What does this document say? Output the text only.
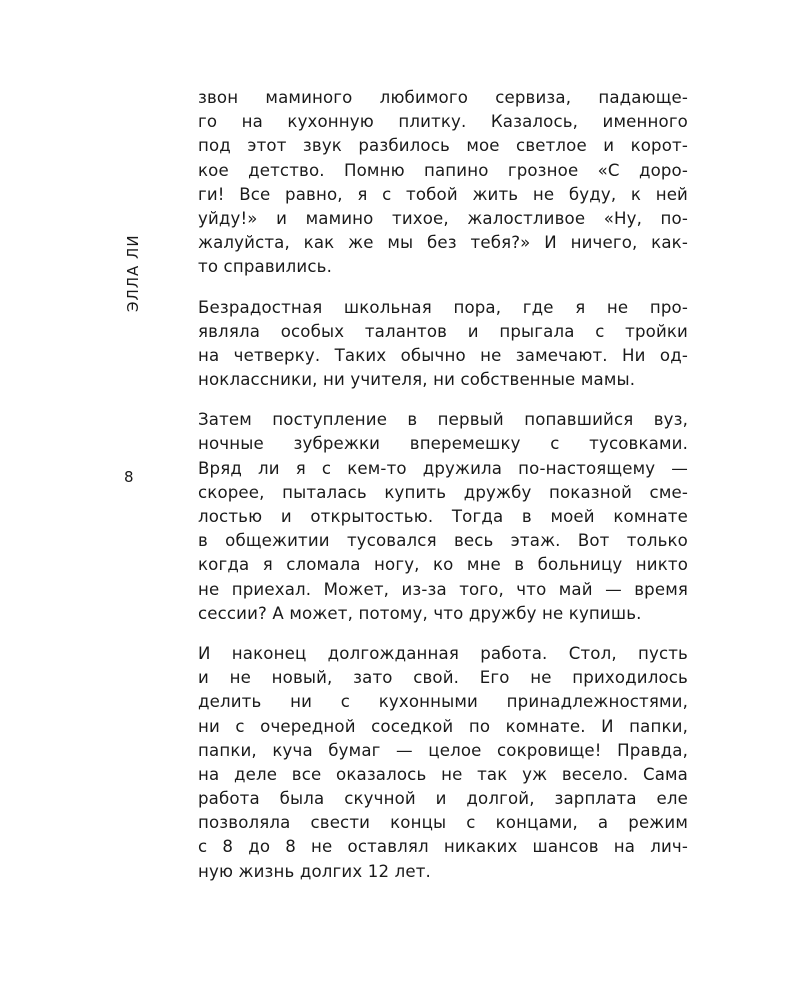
ЭЛЛА ЛИ
8
звон маминого любимого сервиза, падающе-
го на кухонную плитку. Казалось, именного
под этот звук разбилось мое светлое и корот-
кое детство. Помню папино грозное «С доро-
ги! Все равно, я с тобой жить не буду, к ней
уйду!» и мамино тихое, жалостливое «Ну, по-
жалуйста, как же мы без тебя?» И ничего, как-
то справились.
Безрадостная школьная пора, где я не про-
являла особых талантов и прыгала с тройки
на четверку. Таких обычно не замечают. Ни од-
ноклассники, ни учителя, ни собственные мамы.
Затем поступление в первый попавшийся вуз,
ночные зубрежки вперемешку с тусовками.
Вряд ли я с кем-то дружила по-настоящему —
скорее, пыталась купить дружбу показной сме-
лостью и открытостью. Тогда в моей комнате
в общежитии тусовался весь этаж. Вот только
когда я сломала ногу, ко мне в больницу никто
не приехал. Может, из-за того, что май — время
сессии? А может, потому, что дружбу не купишь.
И наконец долгожданная работа. Стол, пусть
и не новый, зато свой. Его не приходилось
делить ни с кухонными принадлежностями,
ни с очередной соседкой по комнате. И папки,
папки, куча бумаг — целое сокровище! Правда,
на деле все оказалось не так уж весело. Сама
работа была скучной и долгой, зарплата еле
позволяла свести концы с концами, а режим
с 8 до 8 не оставлял никаких шансов на лич-
ную жизнь долгих 12 лет.
